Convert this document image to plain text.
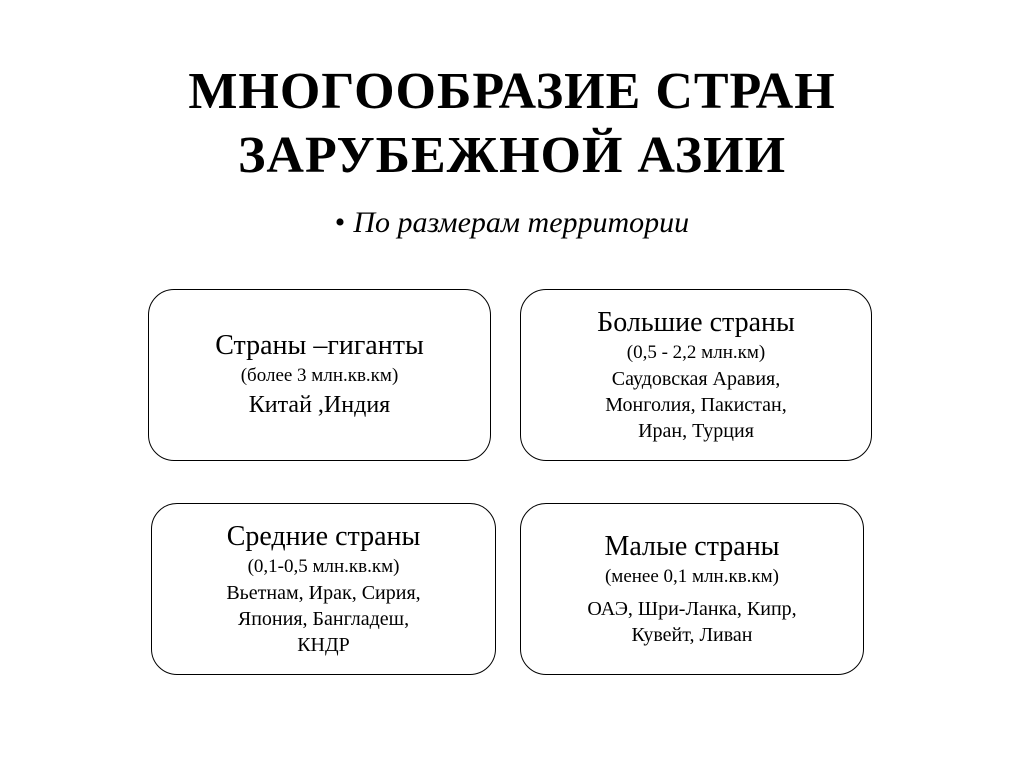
МНОГООБРАЗИЕ СТРАН
ЗАРУБЕЖНОЙ АЗИИ
• По размерам территории
Страны –гиганты
(более 3 млн.кв.км)
Китай ,Индия
Большие страны
(0,5 - 2,2 млн.км)
Саудовская Аравия,
Монголия, Пакистан,
Иран, Турция
Средние страны
(0,1-0,5 млн.кв.км)
Вьетнам, Ирак, Сирия,
Япония, Бангладеш,
КНДР
Малые страны
(менее 0,1 млн.кв.км)
ОАЭ, Шри-Ланка, Кипр,
Кувейт, Ливан
